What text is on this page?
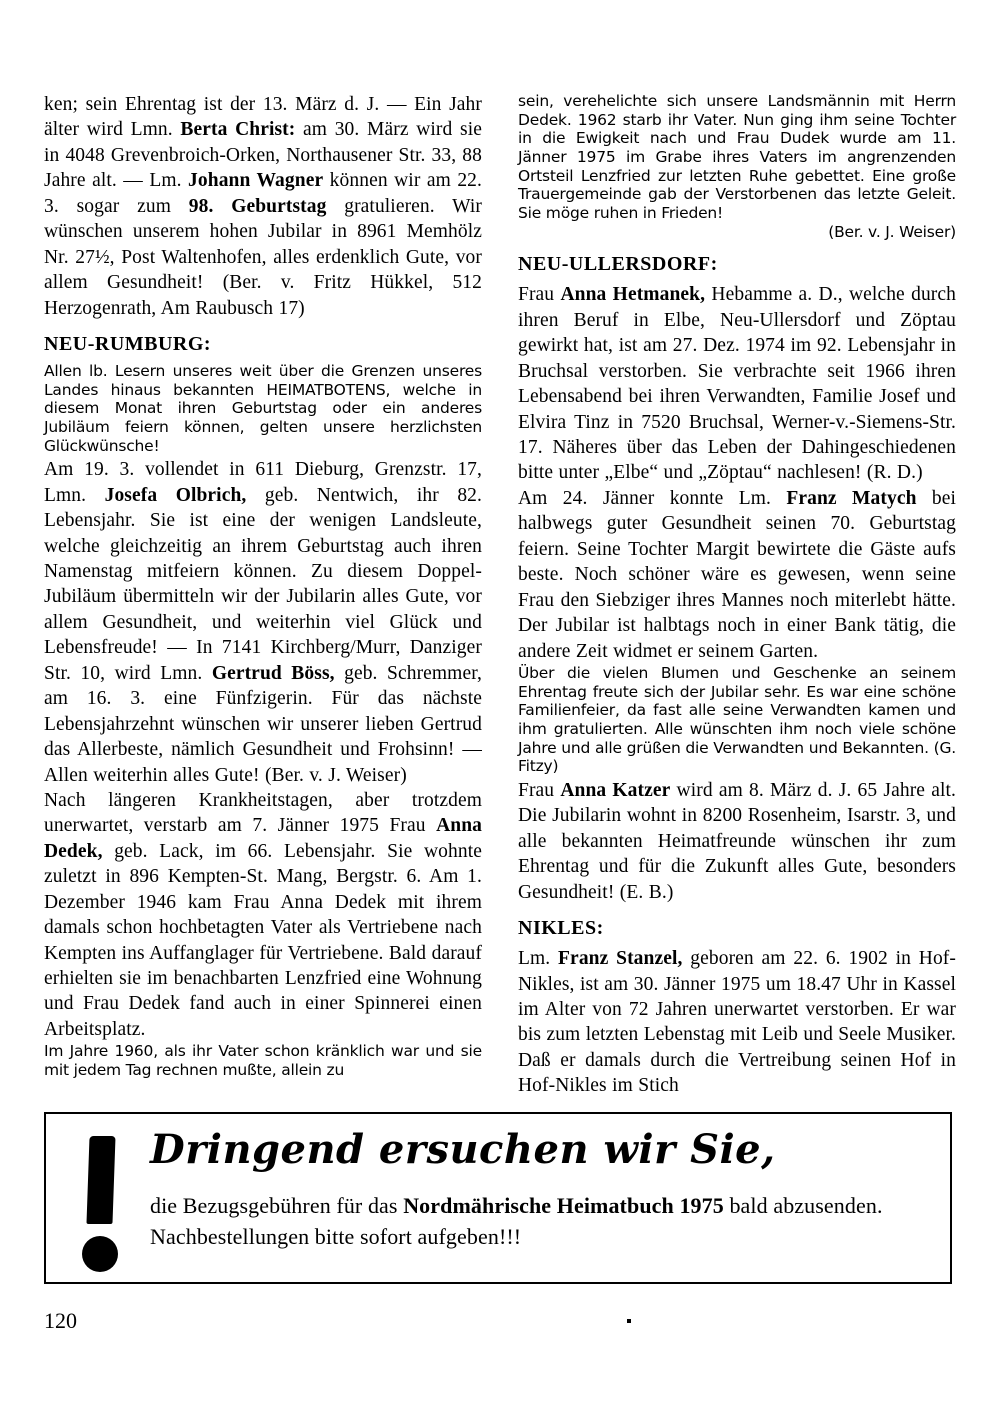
ken; sein Ehrentag ist der 13. März d. J. — Ein Jahr älter wird Lmn. Berta Christ: am 30. März wird sie in 4048 Grevenbroich-Orken, Northausener Str. 33, 88 Jahre alt. — Lm. Johann Wagner können wir am 22. 3. sogar zum 98. Geburtstag gratulieren. Wir wünschen unserem hohen Jubilar in 8961 Memhölz Nr. 27½, Post Waltenhofen, alles erdenklich Gute, vor allem Gesundheit! (Ber. v. Fritz Hükkel, 512 Herzogenrath, Am Raubusch 17)
NEU-RUMBURG:
Allen lb. Lesern unseres weit über die Grenzen unseres Landes hinaus bekannten HEIMATBOTENS, welche in diesem Monat ihren Geburtstag oder ein anderes Jubiläum feiern können, gelten unsere herzlichsten Glückwünsche!
Am 19. 3. vollendet in 611 Dieburg, Grenzstr. 17, Lmn. Josefa Olbrich, geb. Nentwich, ihr 82. Lebensjahr. Sie ist eine der wenigen Landsleute, welche gleichzeitig an ihrem Geburtstag auch ihren Namenstag mitfeiern können. Zu diesem Doppel-Jubiläum übermitteln wir der Jubilarin alles Gute, vor allem Gesundheit, und weiterhin viel Glück und Lebensfreude! — In 7141 Kirchberg/Murr, Danziger Str. 10, wird Lmn. Gertrud Böss, geb. Schremmer, am 16. 3. eine Fünfzigerin. Für das nächste Lebensjahrzehnt wünschen wir unserer lieben Gertrud das Allerbeste, nämlich Gesundheit und Frohsinn! — Allen weiterhin alles Gute! (Ber. v. J. Weiser)
Nach längeren Krankheitstagen, aber trotzdem unerwartet, verstarb am 7. Jänner 1975 Frau Anna Dedek, geb. Lack, im 66. Lebensjahr. Sie wohnte zuletzt in 896 Kempten-St. Mang, Bergstr. 6. Am 1. Dezember 1946 kam Frau Anna Dedek mit ihrem damals schon hochbetagten Vater als Vertriebene nach Kempten ins Auffanglager für Vertriebene. Bald darauf erhielten sie im benachbarten Lenzfried eine Wohnung und Frau Dedek fand auch in einer Spinnerei einen Arbeitsplatz.
Im Jahre 1960, als ihr Vater schon kränklich war und sie mit jedem Tag rechnen mußte, allein zu
sein, verehelichte sich unsere Landsmännin mit Herrn Dedek. 1962 starb ihr Vater. Nun ging ihm seine Tochter in die Ewigkeit nach und Frau Dudek wurde am 11. Jänner 1975 im Grabe ihres Vaters im angrenzenden Ortsteil Lenzfried zur letzten Ruhe gebettet. Eine große Trauergemeinde gab der Verstorbenen das letzte Geleit. Sie möge ruhen in Frieden!
(Ber. v. J. Weiser)
NEU-ULLERSDORF:
Frau Anna Hetmanek, Hebamme a. D., welche durch ihren Beruf in Elbe, Neu-Ullersdorf und Zöptau gewirkt hat, ist am 27. Dez. 1974 im 92. Lebensjahr in Bruchsal verstorben. Sie verbrachte seit 1966 ihren Lebensabend bei ihren Verwandten, Familie Josef und Elvira Tinz in 7520 Bruchsal, Werner-v.-Siemens-Str. 17. Näheres über das Leben der Dahingeschiedenen bitte unter „Elbe“ und „Zöptau“ nachlesen! (R. D.)
Am 24. Jänner konnte Lm. Franz Matych bei halbwegs guter Gesundheit seinen 70. Geburtstag feiern. Seine Tochter Margit bewirtete die Gäste aufs beste. Noch schöner wäre es gewesen, wenn seine Frau den Siebziger ihres Mannes noch miterlebt hätte. Der Jubilar ist halbtags noch in einer Bank tätig, die andere Zeit widmet er seinem Garten.
Über die vielen Blumen und Geschenke an seinem Ehrentag freute sich der Jubilar sehr. Es war eine schöne Familienfeier, da fast alle seine Verwandten kamen und ihm gratulierten. Alle wünschten ihm noch viele schöne Jahre und alle grüßen die Verwandten und Bekannten. (G. Fitzy)
Frau Anna Katzer wird am 8. März d. J. 65 Jahre alt. Die Jubilarin wohnt in 8200 Rosenheim, Isarstr. 3, und alle bekannten Heimatfreunde wünschen ihr zum Ehrentag und für die Zukunft alles Gute, besonders Gesundheit! (E. B.)
NIKLES:
Lm. Franz Stanzel, geboren am 22. 6. 1902 in Hof-Nikles, ist am 30. Jänner 1975 um 18.47 Uhr in Kassel im Alter von 72 Jahren unerwartet verstorben. Er war bis zum letzten Lebenstag mit Leib und Seele Musiker. Daß er damals durch die Vertreibung seinen Hof in Hof-Nikles im Stich
Dringend ersuchen wir Sie,
die Bezugsgebühren für das Nordmährische Heimatbuch 1975 bald abzusenden. Nachbestellungen bitte sofort aufgeben!!!
120
